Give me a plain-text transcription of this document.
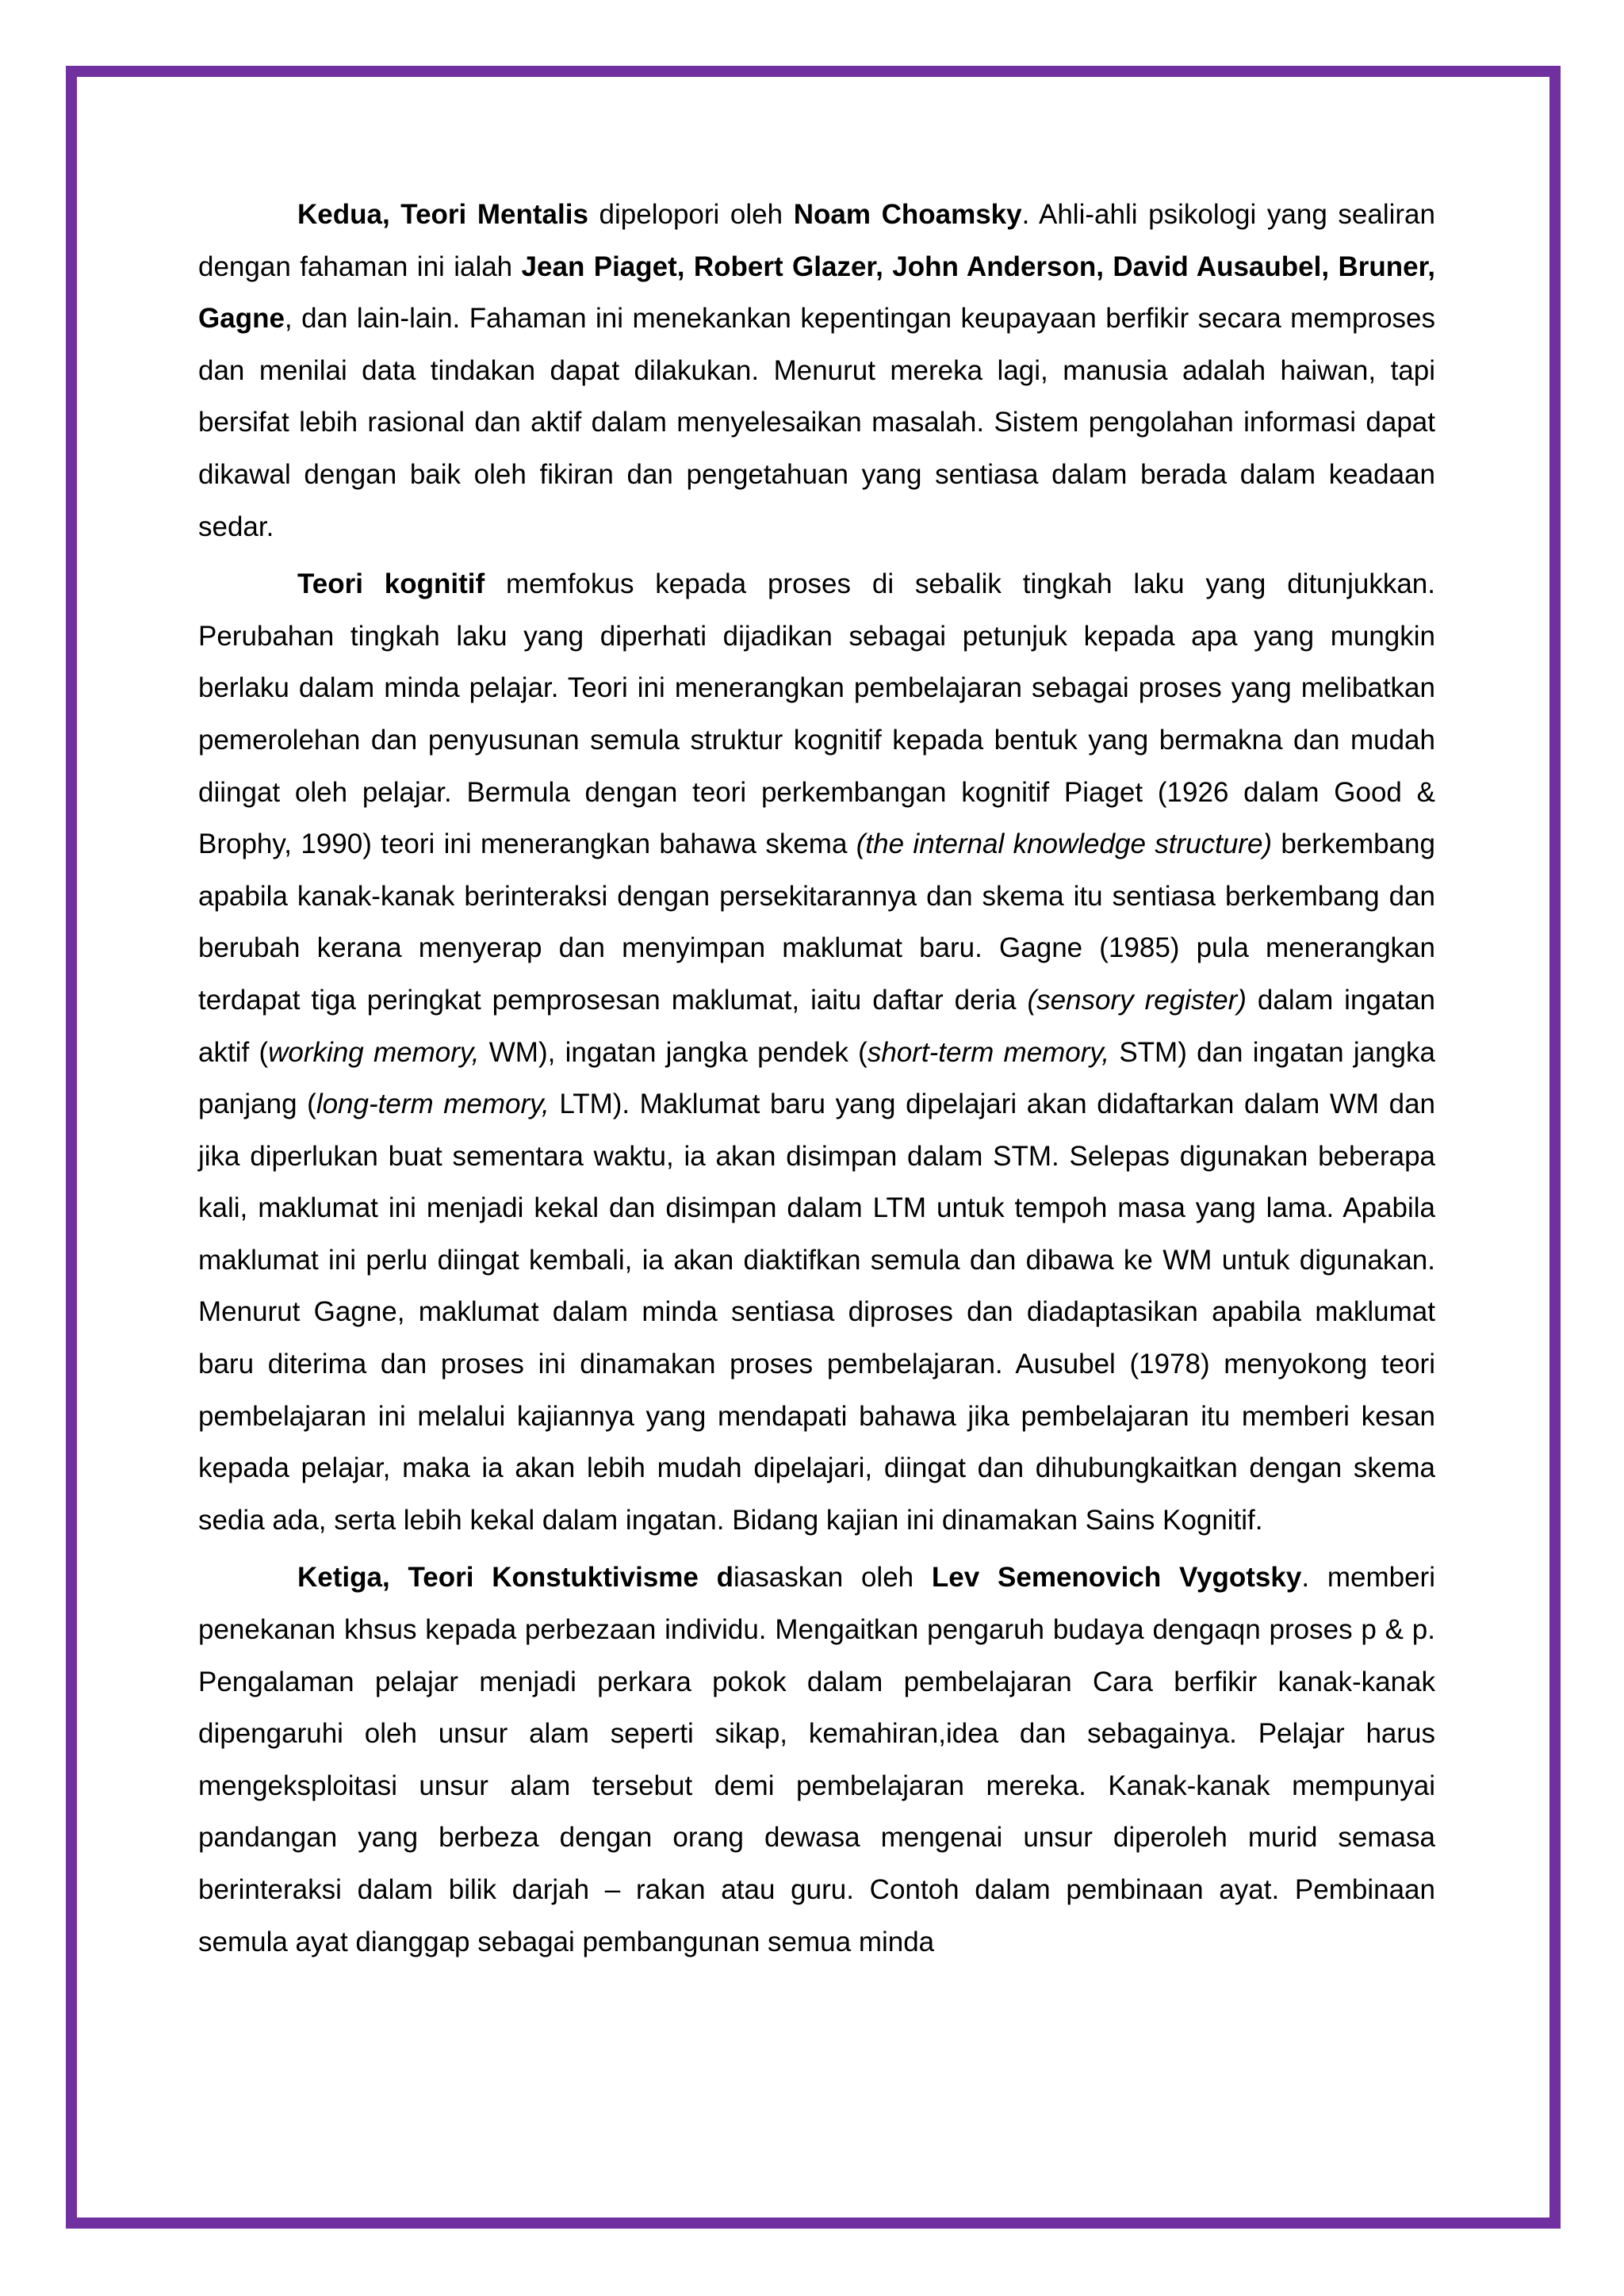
Kedua, Teori Mentalis dipelopori oleh Noam Choamsky. Ahli-ahli psikologi yang sealiran dengan fahaman ini ialah Jean Piaget, Robert Glazer, John Anderson, David Ausaubel, Bruner, Gagne, dan lain-lain. Fahaman ini menekankan kepentingan keupayaan berfikir secara memproses dan menilai data tindakan dapat dilakukan. Menurut mereka lagi, manusia adalah haiwan, tapi bersifat lebih rasional dan aktif dalam menyelesaikan masalah. Sistem pengolahan informasi dapat dikawal dengan baik oleh fikiran dan pengetahuan yang sentiasa dalam berada dalam keadaan sedar.

Teori kognitif memfokus kepada proses di sebalik tingkah laku yang ditunjukkan. Perubahan tingkah laku yang diperhati dijadikan sebagai petunjuk kepada apa yang mungkin berlaku dalam minda pelajar. Teori ini menerangkan pembelajaran sebagai proses yang melibatkan pemerolehan dan penyusunan semula struktur kognitif kepada bentuk yang bermakna dan mudah diingat oleh pelajar. Bermula dengan teori perkembangan kognitif Piaget (1926 dalam Good & Brophy, 1990) teori ini menerangkan bahawa skema (the internal knowledge structure) berkembang apabila kanak-kanak berinteraksi dengan persekitarannya dan skema itu sentiasa berkembang dan berubah kerana menyerap dan menyimpan maklumat baru. Gagne (1985) pula menerangkan terdapat tiga peringkat pemprosesan maklumat, iaitu daftar deria (sensory register) dalam ingatan aktif (working memory, WM), ingatan jangka pendek (short-term memory, STM) dan ingatan jangka panjang (long-term memory, LTM). Maklumat baru yang dipelajari akan didaftarkan dalam WM dan jika diperlukan buat sementara waktu, ia akan disimpan dalam STM. Selepas digunakan beberapa kali, maklumat ini menjadi kekal dan disimpan dalam LTM untuk tempoh masa yang lama. Apabila maklumat ini perlu diingat kembali, ia akan diaktifkan semula dan dibawa ke WM untuk digunakan. Menurut Gagne, maklumat dalam minda sentiasa diproses dan diadaptasikan apabila maklumat baru diterima dan proses ini dinamakan proses pembelajaran. Ausubel (1978) menyokong teori pembelajaran ini melalui kajiannya yang mendapati bahawa jika pembelajaran itu memberi kesan kepada pelajar, maka ia akan lebih mudah dipelajari, diingat dan dihubungkaitkan dengan skema sedia ada, serta lebih kekal dalam ingatan. Bidang kajian ini dinamakan Sains Kognitif.

Ketiga, Teori Konstuktivisme diasaskan oleh Lev Semenovich Vygotsky. memberi penekanan khsus kepada perbezaan individu. Mengaitkan pengaruh budaya dengaqn proses p & p. Pengalaman pelajar menjadi perkara pokok dalam pembelajaran Cara berfikir kanak-kanak dipengaruhi oleh unsur alam seperti sikap, kemahiran,idea dan sebagainya. Pelajar harus mengeksploitasi unsur alam tersebut demi pembelajaran mereka. Kanak-kanak mempunyai pandangan yang berbeza dengan orang dewasa mengenai unsur diperoleh murid semasa berinteraksi dalam bilik darjah – rakan atau guru. Contoh dalam pembinaan ayat. Pembinaan semula ayat dianggap sebagai pembangunan semua minda
